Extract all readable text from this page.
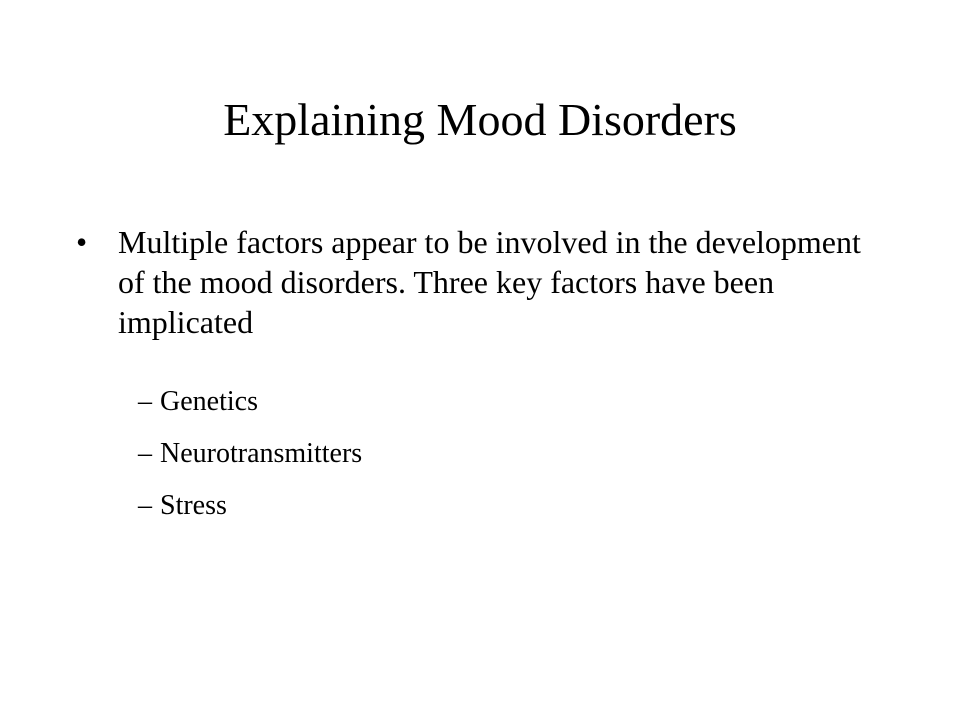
Explaining Mood Disorders
• Multiple factors appear to be involved in the development of the mood disorders. Three key factors have been implicated
– Genetics
– Neurotransmitters
– Stress
